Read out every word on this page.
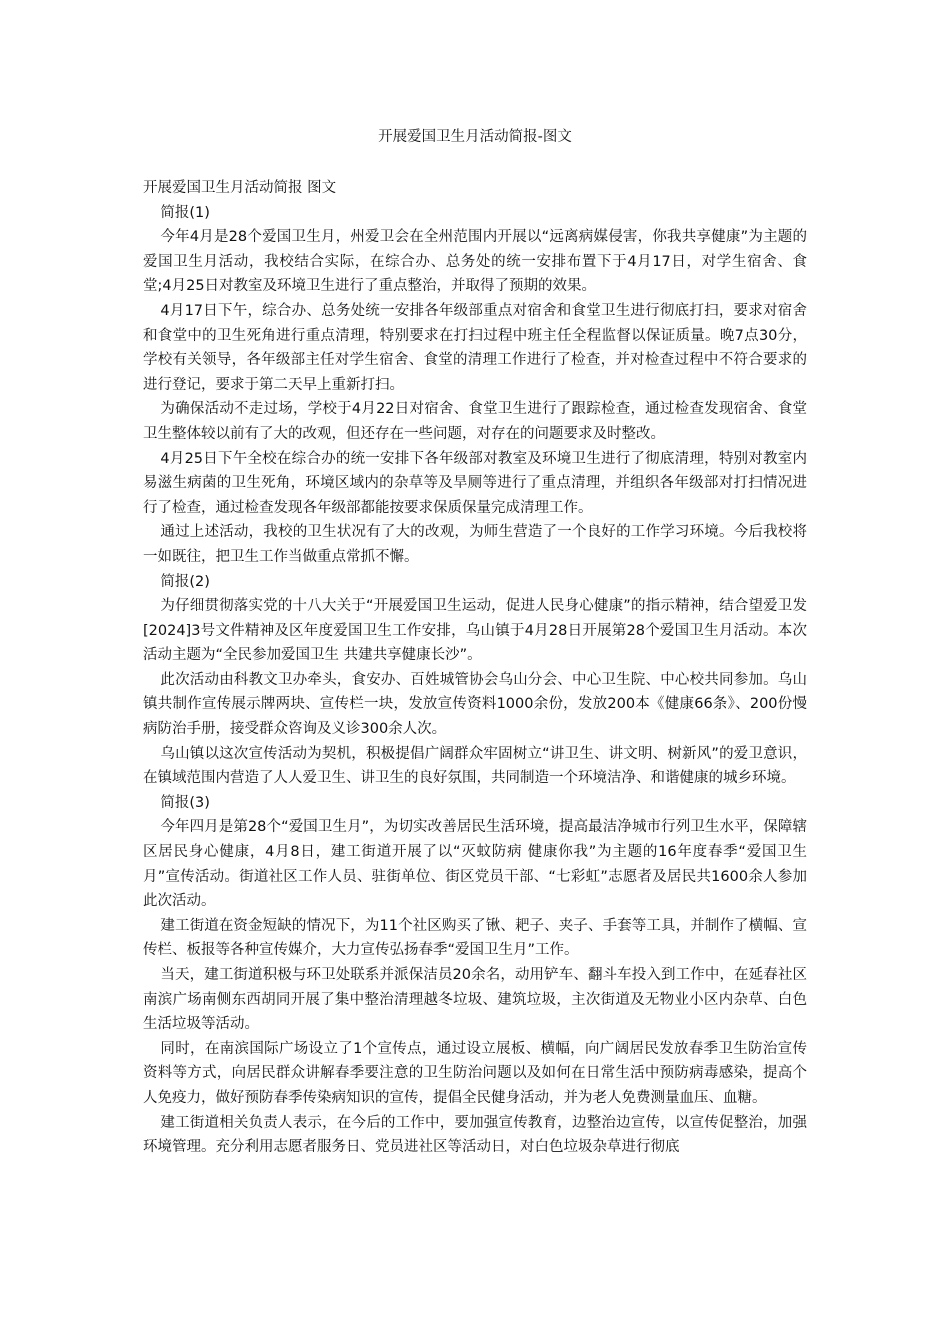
开展爱国卫生月活动简报-图文

开展爱国卫生月活动简报 图文

简报(1)

今年4月是28个爱国卫生月，州爱卫会在全州范围内开展以“远离病媒侵害，你我共享健康”为主题的爱国卫生月活动，我校结合实际，在综合办、总务处的统一安排布置下于4月17日，对学生宿舍、食堂;4月25日对教室及环境卫生进行了重点整治，并取得了预期的效果。

4月17日下午，综合办、总务处统一安排各年级部重点对宿舍和食堂卫生进行彻底打扫，要求对宿舍和食堂中的卫生死角进行重点清理，特别要求在打扫过程中班主任全程监督以保证质量。晚7点30分，学校有关领导，各年级部主任对学生宿舍、食堂的清理工作进行了检查，并对检查过程中不符合要求的进行登记，要求于第二天早上重新打扫。

为确保活动不走过场，学校于4月22日对宿舍、食堂卫生进行了跟踪检查，通过检查发现宿舍、食堂卫生整体较以前有了大的改观，但还存在一些问题，对存在的问题要求及时整改。

4月25日下午全校在综合办的统一安排下各年级部对教室及环境卫生进行了彻底清理，特别对教室内易滋生病菌的卫生死角，环境区域内的杂草等及旱厕等进行了重点清理，并组织各年级部对打扫情况进行了检查，通过检查发现各年级部都能按要求保质保量完成清理工作。

通过上述活动，我校的卫生状况有了大的改观，为师生营造了一个良好的工作学习环境。今后我校将一如既往，把卫生工作当做重点常抓不懈。

简报(2)

为仔细贯彻落实党的十八大关于“开展爱国卫生运动，促进人民身心健康”的指示精神，结合望爱卫发[2024]3号文件精神及区年度爱国卫生工作安排，乌山镇于4月28日开展第28个爱国卫生月活动。本次活动主题为“全民参加爱国卫生 共建共享健康长沙”。

此次活动由科教文卫办牵头，食安办、百姓城管协会乌山分会、中心卫生院、中心校共同参加。乌山镇共制作宣传展示牌两块、宣传栏一块，发放宣传资料1000余份，发放200本《健康66条》、200份慢病防治手册，接受群众咨询及义诊300余人次。

乌山镇以这次宣传活动为契机，积极提倡广阔群众牢固树立“讲卫生、讲文明、树新风”的爱卫意识，在镇域范围内营造了人人爱卫生、讲卫生的良好氛围，共同制造一个环境洁净、和谐健康的城乡环境。

简报(3)

今年四月是第28个“爱国卫生月”，为切实改善居民生活环境，提高最洁净城市行列卫生水平，保障辖区居民身心健康，4月8日，建工街道开展了以“灭蚊防病 健康你我”为主题的16年度春季“爱国卫生月”宣传活动。街道社区工作人员、驻街单位、街区党员干部、“七彩虹”志愿者及居民共1600余人参加此次活动。

建工街道在资金短缺的情况下，为11个社区购买了锹、耙子、夹子、手套等工具，并制作了横幅、宣传栏、板报等各种宣传媒介，大力宣传弘扬春季“爱国卫生月”工作。

当天，建工街道积极与环卫处联系并派保洁员20余名，动用铲车、翻斗车投入到工作中，在延春社区南滨广场南侧东西胡同开展了集中整治清理越冬垃圾、建筑垃圾，主次街道及无物业小区内杂草、白色生活垃圾等活动。

同时，在南滨国际广场设立了1个宣传点，通过设立展板、横幅，向广阔居民发放春季卫生防治宣传资料等方式，向居民群众讲解春季要注意的卫生防治问题以及如何在日常生活中预防病毒感染，提高个人免疫力，做好预防春季传染病知识的宣传，提倡全民健身活动，并为老人免费测量血压、血糖。

建工街道相关负责人表示，在今后的工作中，要加强宣传教育，边整治边宣传，以宣传促整治，加强环境管理。充分利用志愿者服务日、党员进社区等活动日，对白色垃圾杂草进行彻底
